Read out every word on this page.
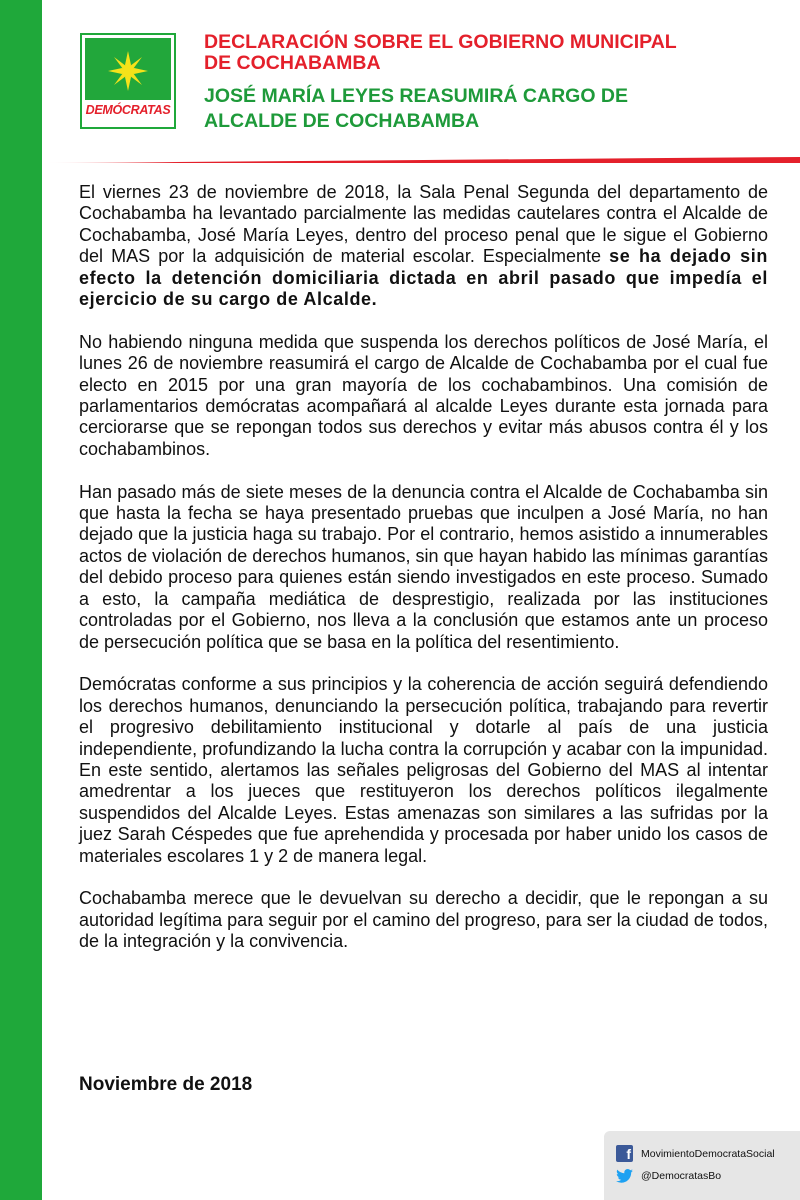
DEMÓCRATAS

DECLARACIÓN SOBRE EL GOBIERNO MUNICIPAL

DE COCHABAMBA

JOSÉ MARÍA LEYES REASUMIRÁ CARGO DE

ALCALDE DE COCHABAMBA

El viernes 23 de noviembre de 2018, la Sala Penal Segunda del departamento de Cochabamba ha levantado parcialmente las medidas cautelares contra el Alcalde de Cochabamba, José María Leyes, dentro del proceso penal que le sigue el Gobierno del MAS por la adquisición de material escolar. Especialmente se ha dejado sin efecto la detención domiciliaria dictada en abril pasado que impedía el ejercicio de su cargo de Alcalde.

No habiendo ninguna medida que suspenda los derechos políticos de José María, el lunes 26 de noviembre reasumirá el cargo de Alcalde de Cochabamba por el cual fue electo en 2015 por una gran mayoría de los cochabambinos. Una comisión de parlamentarios demócratas acompañará al alcalde Leyes durante esta jornada para cerciorarse que se repongan todos sus derechos y evitar más abusos contra él y los cochabambinos.

Han pasado más de siete meses de la denuncia contra el Alcalde de Cochabamba sin que hasta la fecha se haya presentado pruebas que inculpen a José María, no han dejado que la justicia haga su trabajo. Por el contrario, hemos asistido a innumerables actos de violación de derechos humanos, sin que hayan habido las mínimas garantías del debido proceso para quienes están siendo investigados en este proceso. Sumado a esto, la campaña mediática de desprestigio, realizada por las instituciones controladas por el Gobierno, nos lleva a la conclusión que estamos ante un proceso de persecución política que se basa en la política del resentimiento.

Demócratas conforme a sus principios y la coherencia de acción seguirá defendiendo los derechos humanos, denunciando la persecución política, trabajando para revertir el progresivo debilitamiento institucional y dotarle al país de una justicia independiente, profundizando la lucha contra la corrupción y acabar con la impunidad. En este sentido, alertamos las señales peligrosas del Gobierno del MAS al intentar amedrentar a los jueces que restituyeron los derechos políticos ilegalmente suspendidos del Alcalde Leyes. Estas amenazas son similares a las sufridas por la juez Sarah Céspedes que fue aprehendida y procesada por haber unido los casos de materiales escolares 1 y 2 de manera legal.

Cochabamba merece que le devuelvan su derecho a decidir, que le repongan a su autoridad legítima para seguir por el camino del progreso, para ser la ciudad de todos, de la integración y la convivencia.

Noviembre de 2018
f MovimientoDemocrataSocial
@DemocratasBo
